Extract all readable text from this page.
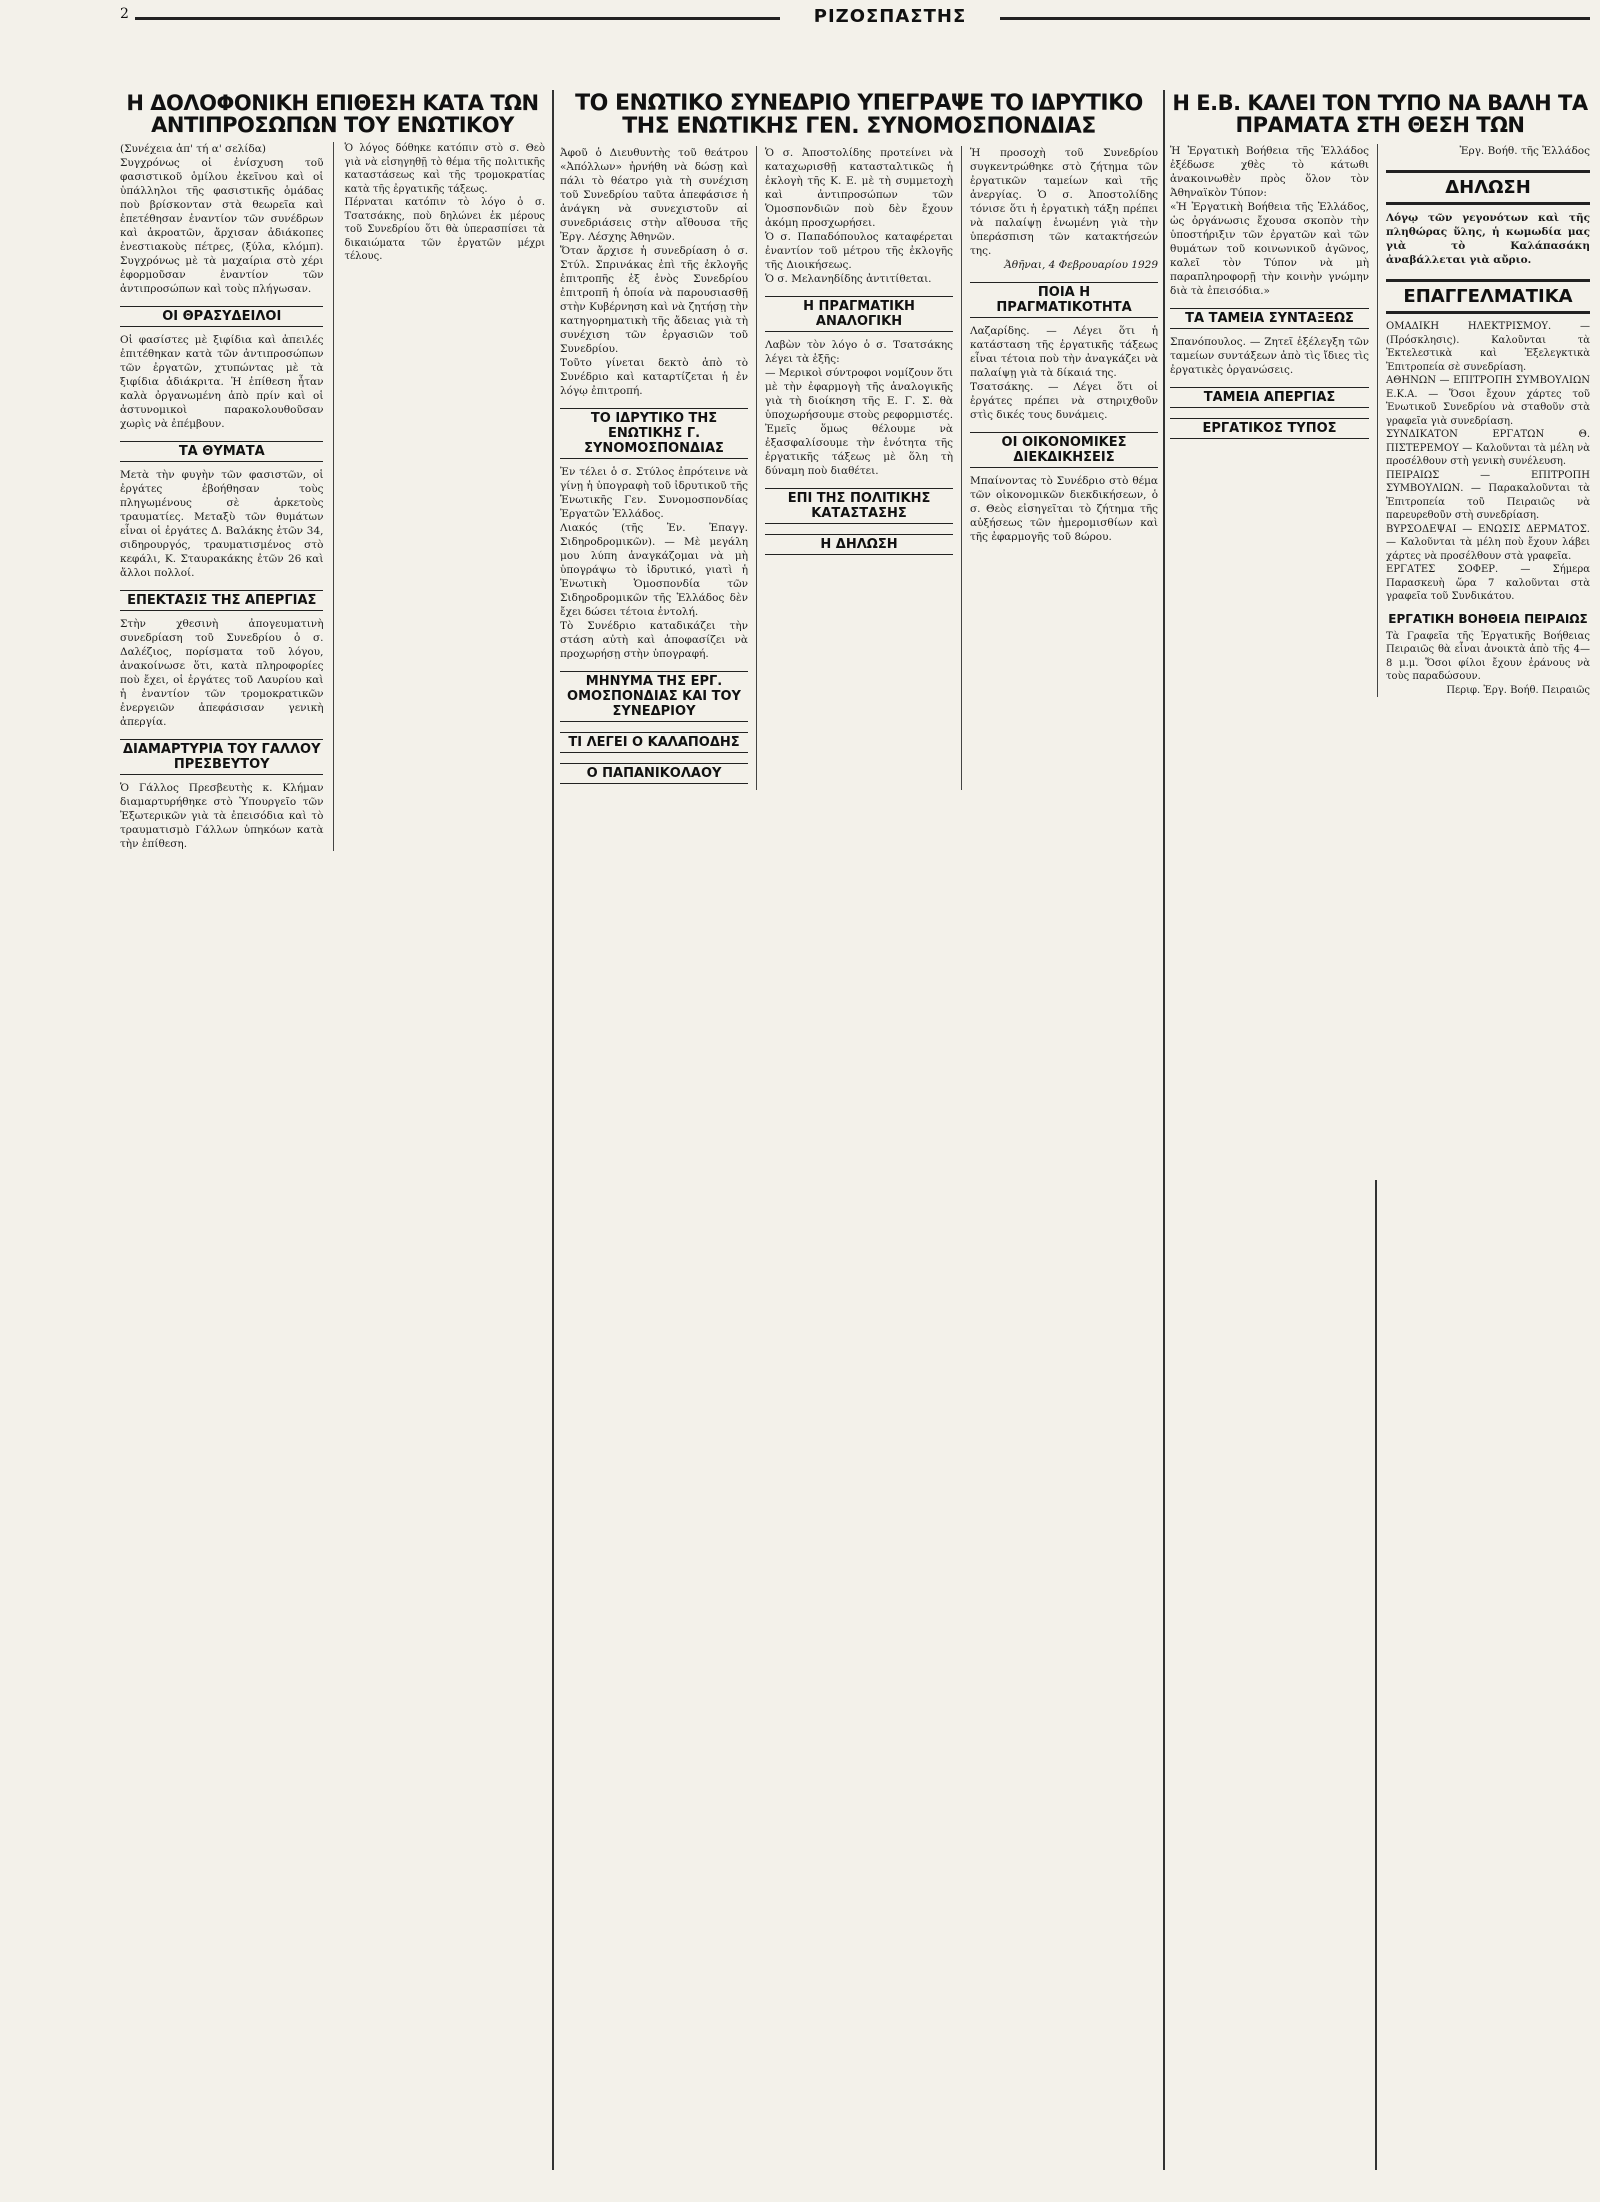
2	ΡΙΖΟΣΠΑΣΤΗΣ
Η ΔΟΛΟΦΟΝΙΚΗ ΕΠΙΘΕΣΗ ΚΑΤΑ ΤΩΝ ΑΝΤΙΠΡΟΣΩΠΩΝ ΤΟΥ ΕΝΩΤΙΚΟΥ

(Συνέχεια ἀπ' τή α' σελίδα)
Συγχρόνως οἱ ἐνίσχυση τοῦ φασιστικοῦ ὁμίλου ἐκεῖνου καὶ οἱ ὑπάλληλοι τῆς φασιστικῆς ὁμάδας ποὺ βρίσκονταν στὰ θεωρεῖα καὶ ἐπετέθησαν ἐναντίον τῶν συνέδρων καὶ ἀκροατῶν, ἄρχισαν ἀδιάκοπες ἐνεστιακοὺς πέτρες, (ξύλα, κλόμπ). Συγχρόνως μὲ τὰ μαχαίρια στὸ χέρι ἐφορμοῦσαν ἐναντίον τῶν ἀντιπροσώπων καὶ τοὺς πλήγωσαν.

ΟΙ ΘΡΑΣΥΔΕΙΛΟΙ

Οἱ φασίστες μὲ ξιφίδια καὶ ἀπειλές ἐπιτέθηκαν κατὰ τῶν ἀντιπροσώπων τῶν ἐργατῶν, χτυπώντας μὲ τὰ ξιφίδια ἀδιάκριτα. Ἡ ἐπίθεση ἦταν καλὰ ὀργανωμένη ἀπὸ πρίν καὶ οἱ ἀστυνομικοὶ παρακολουθοῦσαν χωρὶς νὰ ἐπέμβουν.

ΤΑ ΘΥΜΑΤΑ

Μετὰ τὴν φυγὴν τῶν φασιστῶν, οἱ ἐργάτες ἐβοήθησαν τοὺς πληγωμένους σὲ ἀρκετοὺς τραυματίες. Μεταξὺ τῶν θυμάτων εἶναι οἱ ἐργάτες Δ. Βαλάκης ἐτῶν 34, σιδηρουργός, τραυματισμένος στὸ κεφάλι, Κ. Σταυρακάκης ἐτῶν 26 καὶ ἄλλοι πολλοί.

ΕΠΕΚΤΑΣΙΣ ΤΗΣ ΑΠΕΡΓΙΑΣ

Στὴν χθεσινὴ ἀπογευματινὴ συνεδρίαση τοῦ Συνεδρίου ὁ σ. Δαλέζιος, πορίσματα τοῦ λόγου, ἀνακοίνωσε ὅτι, κατὰ πληροφορίες ποὺ ἔχει, οἱ ἐργάτες τοῦ Λαυρίου καὶ ἡ ἐναντίον τῶν τρομοκρατικῶν ἐνεργειῶν ἀπεφάσισαν γενικὴ ἀπεργία.

ΔΙΑΜΑΡΤΥΡΙΑ ΤΟΥ ΓΑΛΛΟΥ ΠΡΕΣΒΕΥΤΟΥ

Ὁ Γάλλος Πρεσβευτὴς κ. Κλήμαν διαμαρτυρήθηκε στὸ Ὑπουργεῖο τῶν Ἐξωτερικῶν γιὰ τὰ ἐπεισόδια καὶ τὸ τραυματισμὸ Γάλλων ὑπηκόων κατὰ τὴν ἐπίθεση.

Ὁ λόγος δόθηκε κατόπιν στὸ σ. Θεὸ γιὰ νὰ εἰσηγηθῇ τὸ θέμα τῆς πολιτικῆς καταστάσεως καὶ τῆς τρομοκρατίας κατὰ τῆς ἐργατικῆς τάξεως.
Πέρναται κατόπιν τὸ λόγο ὁ σ. Τσατσάκης, ποὺ δηλώνει ἐκ μέρους τοῦ Συνεδρίου ὅτι θὰ ὑπερασπίσει τὰ δικαιώματα τῶν ἐργατῶν μέχρι τέλους.

ΤΟ ΕΝΩΤΙΚΟ ΣΥΝΕΔΡΙΟ ΥΠΕΓΡΑΨΕ ΤΟ ΙΔΡΥΤΙΚΟ ΤΗΣ ΕΝΩΤΙΚΗΣ ΓΕΝ. ΣΥΝΟΜΟΣΠΟΝΔΙΑΣ

Ἀφοῦ ὁ Διευθυντὴς τοῦ θεάτρου «Ἀπόλλων» ἠρνήθη νὰ δώσῃ καὶ πάλι τὸ θέατρο γιὰ τὴ συνέχιση τοῦ Συνεδρίου ταῦτα ἀπεφάσισε ἡ ἀνάγκη νὰ συνεχιστοῦν αἱ συνεδριάσεις στὴν αἴθουσα τῆς Ἐργ. Λέσχης Ἀθηνῶν.
Ὅταν ἄρχισε ἡ συνεδρίαση ὁ σ. Στύλ. Σπρινάκας ἐπὶ τῆς ἐκλογῆς ἐπιτροπῆς ἐξ ἑνὸς Συνεδρίου ἐπιτροπῆ ἡ ὁποία νὰ παρουσιασθῇ στὴν Κυβέρνηση καὶ νὰ ζητήσῃ τὴν κατηγορηματικὴ τῆς ἄδειας γιὰ τὴ συνέχιση τῶν ἐργασιῶν τοῦ Συνεδρίου.
Τοῦτο γίνεται δεκτὸ ἀπὸ τὸ Συνέδριο καὶ καταρτίζεται ἡ ἐν λόγῳ ἐπιτροπή.

ΤΟ ΙΔΡΥΤΙΚΟ ΤΗΣ ΕΝΩΤΙΚΗΣ Γ. ΣΥΝΟΜΟΣΠΟΝΔΙΑΣ

Ἐν τέλει ὁ σ. Στύλος ἐπρότεινε νὰ γίνῃ ἡ ὑπογραφὴ τοῦ ἰδρυτικοῦ τῆς Ἑνωτικῆς Γεν. Συνομοσπονδίας Ἐργατῶν Ἑλλάδος.
Λιακός (τῆς Ἐν. Ἐπαγγ. Σιδηροδρομικῶν). — Μὲ μεγάλη μου λύπη ἀναγκάζομαι νὰ μὴ ὑπογράψω τὸ ἰδρυτικό, γιατὶ ἡ Ἑνωτικὴ Ὁμοσπονδία τῶν Σιδηροδρομικῶν τῆς Ἑλλάδος δὲν ἔχει δώσει τέτοια ἐντολή.
Τὸ Συνέδριο καταδικάζει τὴν στάση αὐτὴ καὶ ἀποφασίζει νὰ προχωρήσῃ στὴν ὑπογραφή.

ΜΗΝΥΜΑ ΤΗΣ ΕΡΓ. ΟΜΟΣΠΟΝΔΙΑΣ ΚΑΙ ΤΟΥ ΣΥΝΕΔΡΙΟΥ
ΤΙ ΛΕΓΕΙ Ο ΚΑΛΑΠΟΔΗΣ
Ο ΠΑΠΑΝΙΚΟΛΑΟΥ

Ὁ σ. Ἀποστολίδης προτείνει νὰ καταχωρισθῇ κατασταλτικῶς ἡ ἐκλογὴ τῆς Κ. Ε. μὲ τὴ συμμετοχὴ καὶ ἀντιπροσώπων τῶν Ὁμοσπονδιῶν ποὺ δὲν ἔχουν ἀκόμη προσχωρήσει.
Ὁ σ. Παπαδόπουλος καταφέρεται ἐναντίον τοῦ μέτρου τῆς ἐκλογῆς τῆς Διοικήσεως.
Ὁ σ. Μελανηδίδης ἀντιτίθεται.

Η ΠΡΑΓΜΑΤΙΚΗ ΑΝΑΛΟΓΙΚΗ

Λαβὼν τὸν λόγο ὁ σ. Τσατσάκης λέγει τὰ ἑξῆς:
— Μερικοὶ σύντροφοι νομίζουν ὅτι μὲ τὴν ἐφαρμογὴ τῆς ἀναλογικῆς γιὰ τὴ διοίκηση τῆς Ε. Γ. Σ. θὰ ὑποχωρήσουμε στοὺς ρεφορμιστές. Ἐμεῖς ὅμως θέλουμε νὰ ἐξασφαλίσουμε τὴν ἑνότητα τῆς ἐργατικῆς τάξεως μὲ ὅλη τὴ δύναμη ποὺ διαθέτει.

ΕΠΙ ΤΗΣ ΠΟΛΙΤΙΚΗΣ ΚΑΤΑΣΤΑΣΗΣ
Η ΔΗΛΩΣΗ

Ἡ προσοχὴ τοῦ Συνεδρίου συγκεντρώθηκε στὸ ζήτημα τῶν ἐργατικῶν ταμείων καὶ τῆς ἀνεργίας. Ὁ σ. Ἀποστολίδης τόνισε ὅτι ἡ ἐργατικὴ τάξη πρέπει νὰ παλαίψῃ ἑνωμένη γιὰ τὴν ὑπεράσπιση τῶν κατακτήσεών της.

Ἀθῆναι, 4 Φεβρουαρίου 1929

ΠΟΙΑ Η ΠΡΑΓΜΑΤΙΚΟΤΗΤΑ

Λαζαρίδης. — Λέγει ὅτι ἡ κατάσταση τῆς ἐργατικῆς τάξεως εἶναι τέτοια ποὺ τὴν ἀναγκάζει νὰ παλαίψῃ γιὰ τὰ δίκαιά της.
Τσατσάκης. — Λέγει ὅτι οἱ ἐργάτες πρέπει νὰ στηριχθοῦν στὶς δικές τους δυνάμεις.

ΟΙ ΟΙΚΟΝΟΜΙΚΕΣ ΔΙΕΚΔΙΚΗΣΕΙΣ

Μπαίνοντας τὸ Συνέδριο στὸ θέμα τῶν οἰκονομικῶν διεκδικήσεων, ὁ σ. Θεὸς εἰσηγεῖται τὸ ζήτημα τῆς αὐξήσεως τῶν ἡμερομισθίων καὶ τῆς ἐφαρμογῆς τοῦ 8ώρου.

Η Ε.Β. ΚΑΛΕΙ ΤΟΝ ΤΥΠΟ ΝΑ ΒΑΛΗ ΤΑ ΠΡΑΜΑΤΑ ΣΤΗ ΘΕΣΗ ΤΩΝ

Ἡ Ἐργατικὴ Βοήθεια τῆς Ἑλλάδος ἐξέδωσε χθὲς τὸ κάτωθι ἀνακοινωθὲν πρὸς ὅλον τὸν Ἀθηναϊκὸν Τύπον:
«Ἡ Ἐργατικὴ Βοήθεια τῆς Ἑλλάδος, ὡς ὀργάνωσις ἔχουσα σκοπὸν τὴν ὑποστήριξιν τῶν ἐργατῶν καὶ τῶν θυμάτων τοῦ κοινωνικοῦ ἀγῶνος, καλεῖ τὸν Τύπον νὰ μὴ παραπληροφορῇ τὴν κοινὴν γνώμην διὰ τὰ ἐπεισόδια.»

ΤΑ ΤΑΜΕΙΑ ΣΥΝΤΑΞΕΩΣ

Σπανόπουλος. — Ζητεῖ ἐξέλεγξη τῶν ταμείων συντάξεων ἀπὸ τὶς ἴδιες τὶς ἐργατικὲς ὀργανώσεις.

ΤΑΜΕΙΑ ΑΠΕΡΓΙΑΣ
ΕΡΓΑΤΙΚΟΣ ΤΥΠΟΣ

Ἐργ. Βοήθ. τῆς Ἑλλάδος

ΔΗΛΩΣΗ

Λόγῳ τῶν γεγονότων καὶ τῆς πληθώρας ὕλης, ἡ κωμωδία μας γιὰ τὸ Καλάπασάκη ἀναβάλλεται γιὰ αὔριο.

ΕΠΑΓΓΕΛΜΑΤΙΚΑ

ΟΜΑΔΙΚΗ ΗΛΕΚΤΡΙΣΜΟΥ. — (Πρόσκλησις). Καλοῦνται τὰ Ἐκτελεστικὰ καὶ Ἐξελεγκτικὰ Ἐπιτροπεία σὲ συνεδρίαση.

ΑΘΗΝΩΝ — ΕΠΙΤΡΟΠΗ ΣΥΜΒΟΥΛΙΩΝ Ε.Κ.Α. — Ὅσοι ἔχουν χάρτες τοῦ Ἑνωτικοῦ Συνεδρίου νὰ σταθοῦν στὰ γραφεῖα γιὰ συνεδρίαση.

ΣΥΝΔΙΚΑΤΟΝ ΕΡΓΑΤΩΝ Θ. ΠΙΣΤΕΡΕΜΟΥ — Καλοῦνται τὰ μέλη νὰ προσέλθουν στὴ γενικὴ συνέλευση.

ΠΕΙΡΑΙΩΣ — ΕΠΙΤΡΟΠΗ ΣΥΜΒΟΥΛΙΩΝ. — Παρακαλοῦνται τὰ Ἐπιτροπεία τοῦ Πειραιῶς νὰ παρευρεθοῦν στὴ συνεδρίαση.

ΒΥΡΣΟΔΕΨΑΙ — ΕΝΩΣΙΣ ΔΕΡΜΑΤΟΣ. — Καλοῦνται τὰ μέλη ποὺ ἔχουν λάβει χάρτες νὰ προσέλθουν στὰ γραφεῖα.

ΕΡΓΑΤΕΣ ΣΟΦΕΡ. — Σήμερα Παρασκευὴ ὥρα 7 καλοῦνται στὰ γραφεῖα τοῦ Συνδικάτου.

ΕΡΓΑΤΙΚΗ ΒΟΗΘΕΙΑ ΠΕΙΡΑΙΩΣ

Τὰ Γραφεῖα τῆς Ἐργατικῆς Βοήθειας Πειραιῶς θὰ εἶναι ἀνοικτὰ ἀπὸ τῆς 4—8 μ.μ. Ὅσοι φίλοι ἔχουν ἐράνους νὰ τοὺς παραδώσουν.

Περιφ. Ἐργ. Βοήθ. Πειραιῶς
